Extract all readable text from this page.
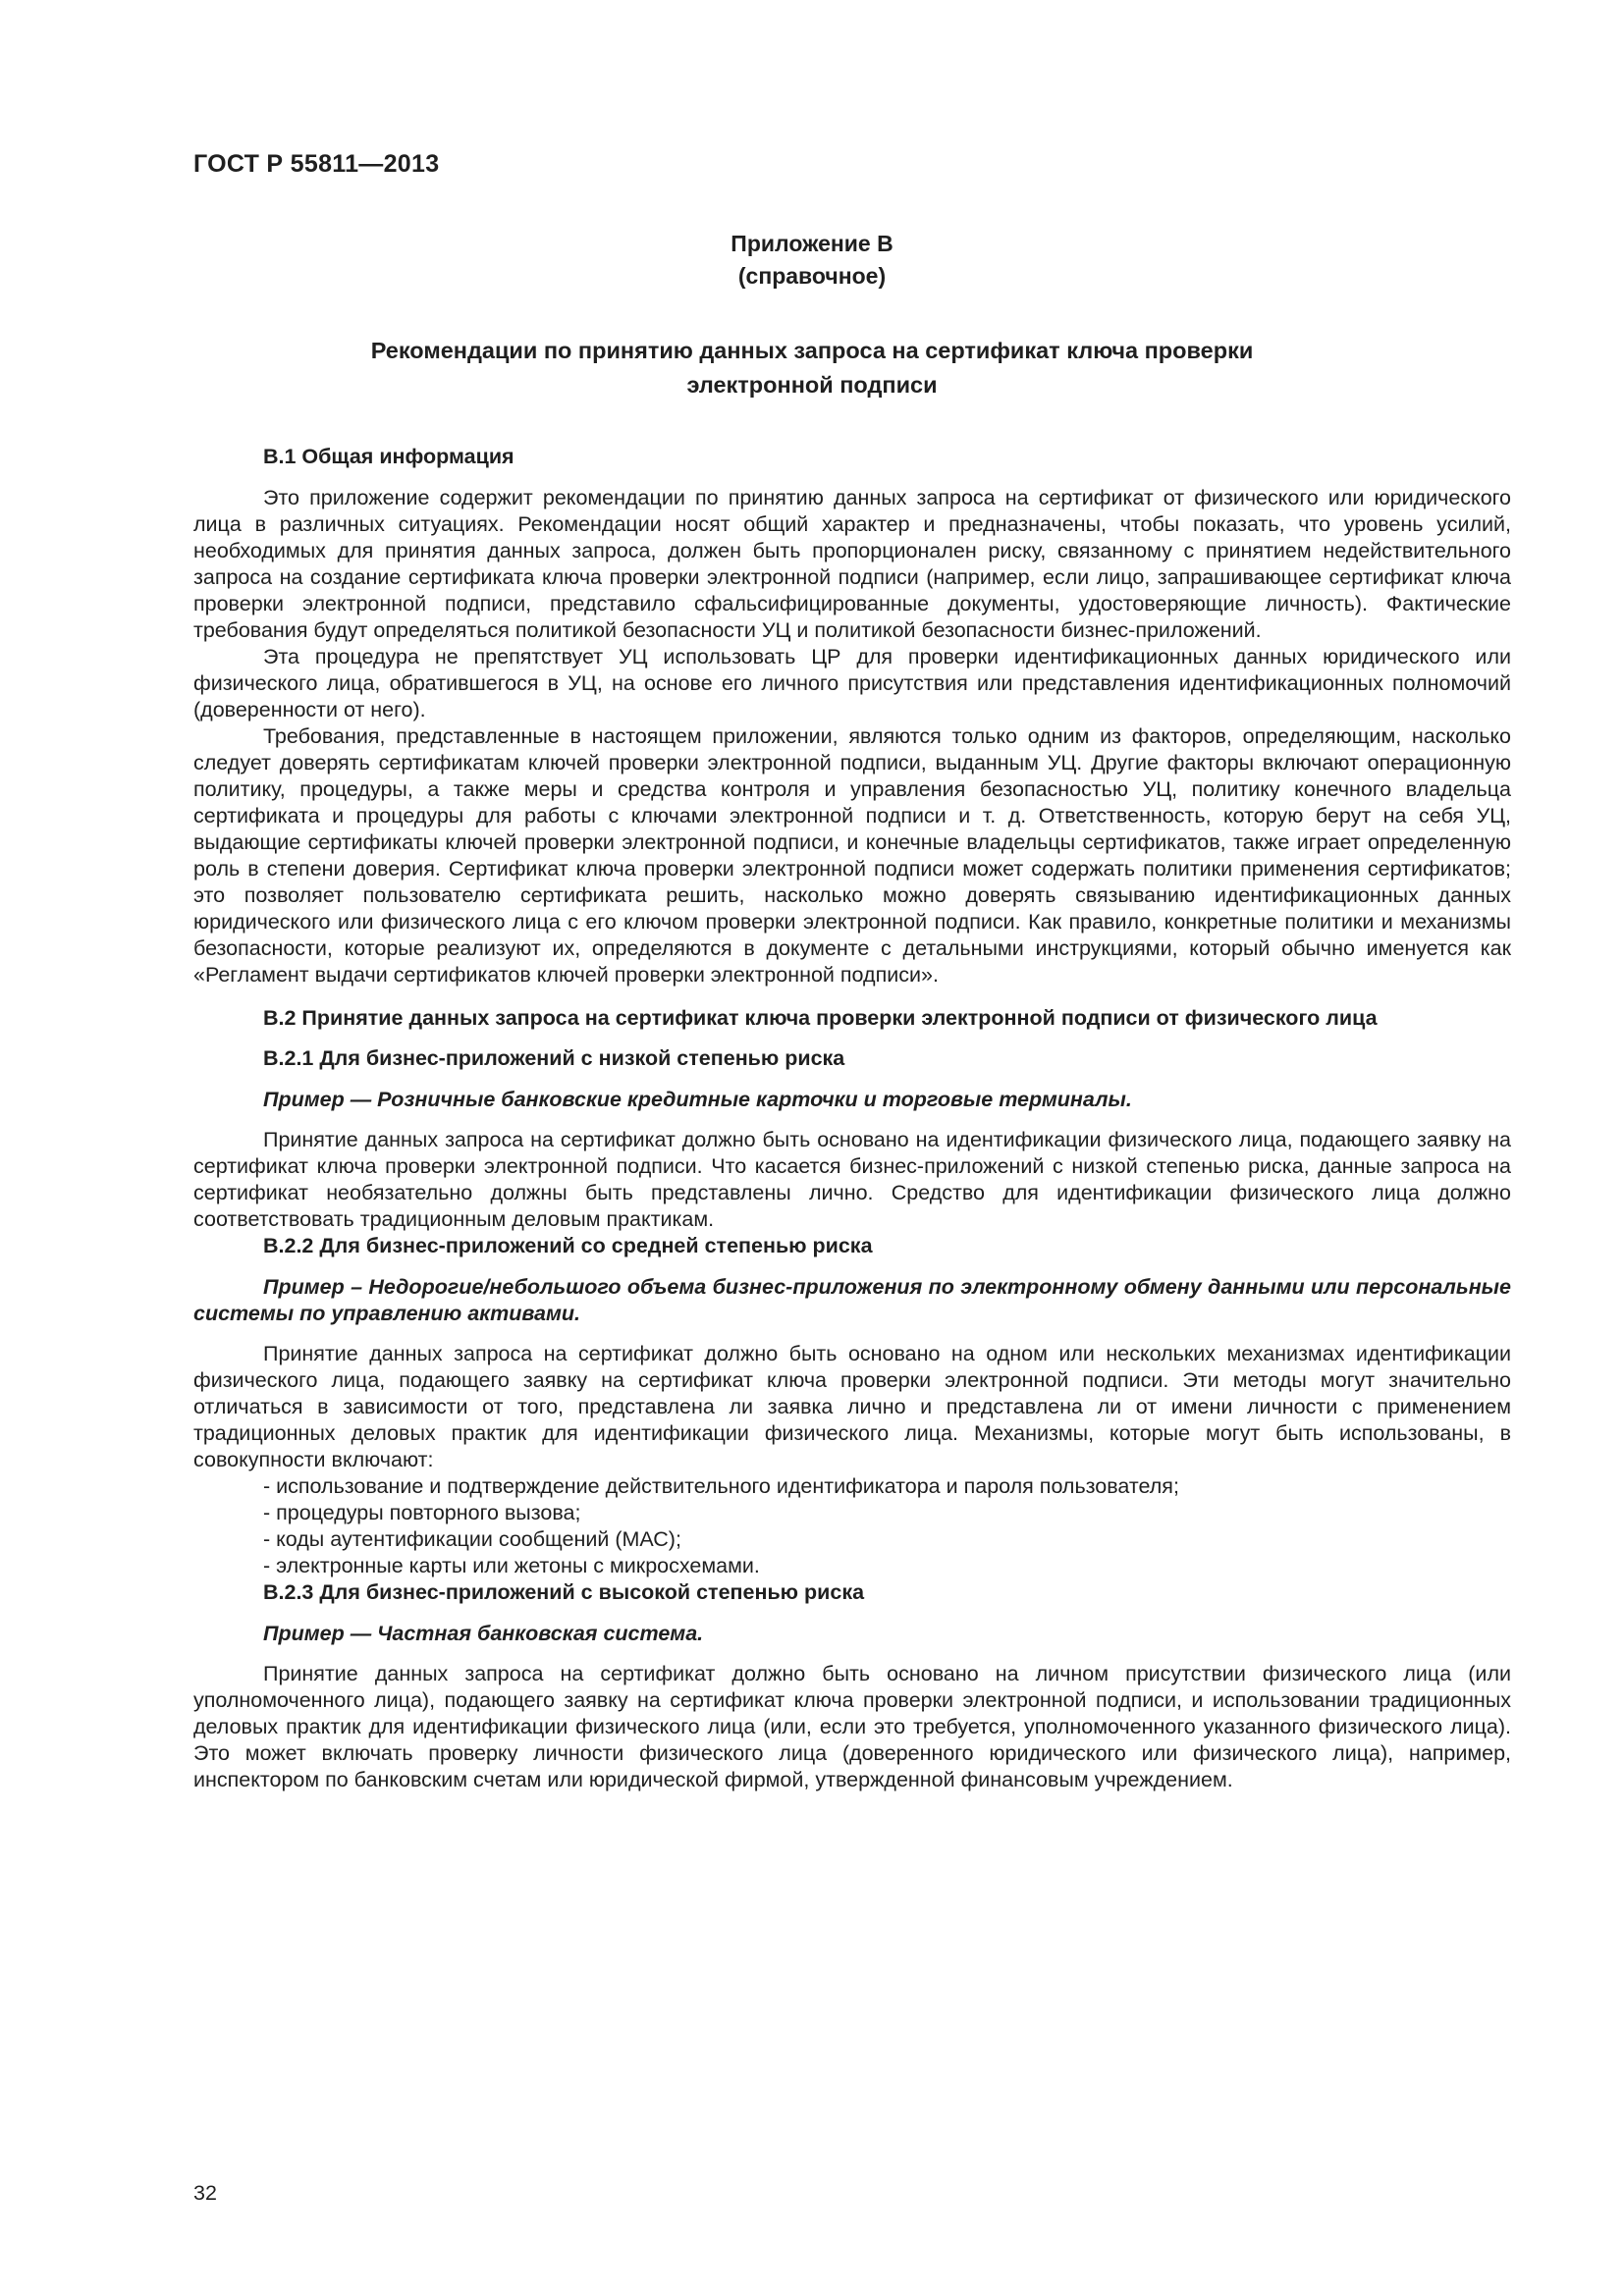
ГОСТ Р 55811—2013
Приложение В
(справочное)
Рекомендации по принятию данных запроса на сертификат ключа проверки
электронной подписи

В.1 Общая информация

Это приложение содержит рекомендации по принятию данных запроса на сертификат от физического или юридического лица в различных ситуациях. Рекомендации носят общий характер и предназначены, чтобы показать, что уровень усилий, необходимых для принятия данных запроса, должен быть пропорционален риску, связанному с принятием недействительного запроса на создание сертификата ключа проверки электронной подписи (например, если лицо, запрашивающее сертификат ключа проверки электронной подписи, представило сфальсифицированные документы, удостоверяющие личность). Фактические требования будут определяться политикой безопасности УЦ и политикой безопасности бизнес-приложений.

Эта процедура не препятствует УЦ использовать ЦР для проверки идентификационных данных юридического или физического лица, обратившегося в УЦ, на основе его личного присутствия или представления идентификационных полномочий (доверенности от него).

Требования, представленные в настоящем приложении, являются только одним из факторов, определяющим, насколько следует доверять сертификатам ключей проверки электронной подписи, выданным УЦ. Другие факторы включают операционную политику, процедуры, а также меры и средства контроля и управления безопасностью УЦ, политику конечного владельца сертификата и процедуры для работы с ключами электронной подписи и т. д. Ответственность, которую берут на себя УЦ, выдающие сертификаты ключей проверки электронной подписи, и конечные владельцы сертификатов, также играет определенную роль в степени доверия. Сертификат ключа проверки электронной подписи может содержать политики применения сертификатов; это позволяет пользователю сертификата решить, насколько можно доверять связыванию идентификационных данных юридического или физического лица с его ключом проверки электронной подписи. Как правило, конкретные политики и механизмы безопасности, которые реализуют их, определяются в документе с детальными инструкциями, который обычно именуется как «Регламент выдачи сертификатов ключей проверки электронной подписи».

В.2 Принятие данных запроса на сертификат ключа проверки электронной подписи от физического лица

В.2.1 Для бизнес-приложений с низкой степенью риска

Пример — Розничные банковские кредитные карточки и торговые терминалы.

Принятие данных запроса на сертификат должно быть основано на идентификации физического лица, подающего заявку на сертификат ключа проверки электронной подписи. Что касается бизнес-приложений с низкой степенью риска, данные запроса на сертификат необязательно должны быть представлены лично. Средство для идентификации физического лица должно соответствовать традиционным деловым практикам.

В.2.2 Для бизнес-приложений со средней степенью риска

Пример – Недорогие/небольшого объема бизнес-приложения по электронному обмену данными или персональные системы по управлению активами.

Принятие данных запроса на сертификат должно быть основано на одном или нескольких механизмах идентификации физического лица, подающего заявку на сертификат ключа проверки электронной подписи. Эти методы могут значительно отличаться в зависимости от того, представлена ли заявка лично и представлена ли от имени личности с применением традиционных деловых практик для идентификации физического лица. Механизмы, которые могут быть использованы, в совокупности включают:

- использование и подтверждение действительного идентификатора и пароля пользователя;

- процедуры повторного вызова;

- коды аутентификации сообщений (МАС);

- электронные карты или жетоны с микросхемами.

В.2.3 Для бизнес-приложений с высокой степенью риска

Пример — Частная банковская система.

Принятие данных запроса на сертификат должно быть основано на личном присутствии физического лица (или уполномоченного лица), подающего заявку на сертификат ключа проверки электронной подписи, и использовании традиционных деловых практик для идентификации физического лица (или, если это требуется, уполномоченного указанного физического лица). Это может включать проверку личности физического лица (доверенного юридического или физического лица), например, инспектором по банковским счетам или юридической фирмой, утвержденной финансовым учреждением.

32
